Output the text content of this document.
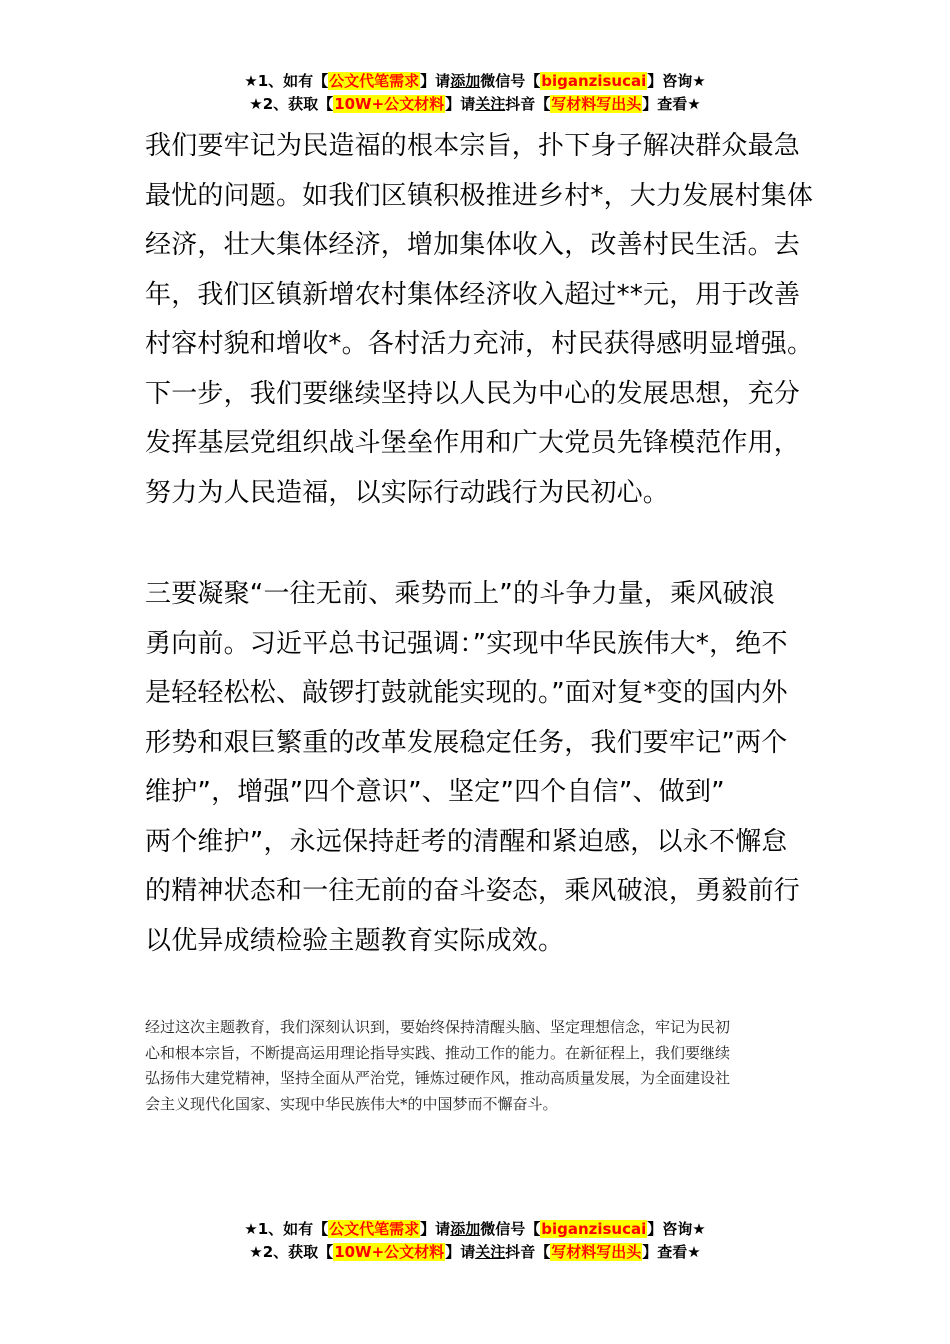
★1、如有【公文代笔需求】请添加微信号【biganzisucai】咨询★
★2、获取【10W+公文材料】请关注抖音【写材料写出头】查看★
我们要牢记为民造福的根本宗旨，扑下身子解决群众最急
最忧的问题。如我们区镇积极推进乡村*，大力发展村集体
经济，壮大集体经济，增加集体收入，改善村民生活。去
年，我们区镇新增农村集体经济收入超过**元，用于改善
村容村貌和增收*。各村活力充沛，村民获得感明显增强。
下一步，我们要继续坚持以人民为中心的发展思想，充分
发挥基层党组织战斗堡垒作用和广大党员先锋模范作用，
努力为人民造福，以实际行动践行为民初心。
三要凝聚“一往无前、乘势而上”的斗争力量，乘风破浪
勇向前。习近平总书记强调：”实现中华民族伟大*，绝不
是轻轻松松、敲锣打鼓就能实现的。”面对复*变的国内外
形势和艰巨繁重的改革发展稳定任务，我们要牢记”两个
维护”，增强”四个意识”、坚定”四个自信”、做到”
两个维护”，永远保持赶考的清醒和紧迫感，以永不懈怠
的精神状态和一往无前的奋斗姿态，乘风破浪，勇毅前行
以优异成绩检验主题教育实际成效。
经过这次主题教育，我们深刻认识到，要始终保持清醒头脑、坚定理想信念，牢记为民初
心和根本宗旨，不断提高运用理论指导实践、推动工作的能力。在新征程上，我们要继续
弘扬伟大建党精神，坚持全面从严治党，锤炼过硬作风，推动高质量发展，为全面建设社
会主义现代化国家、实现中华民族伟大*的中国梦而不懈奋斗。
★1、如有【公文代笔需求】请添加微信号【biganzisucai】咨询★
★2、获取【10W+公文材料】请关注抖音【写材料写出头】查看★
